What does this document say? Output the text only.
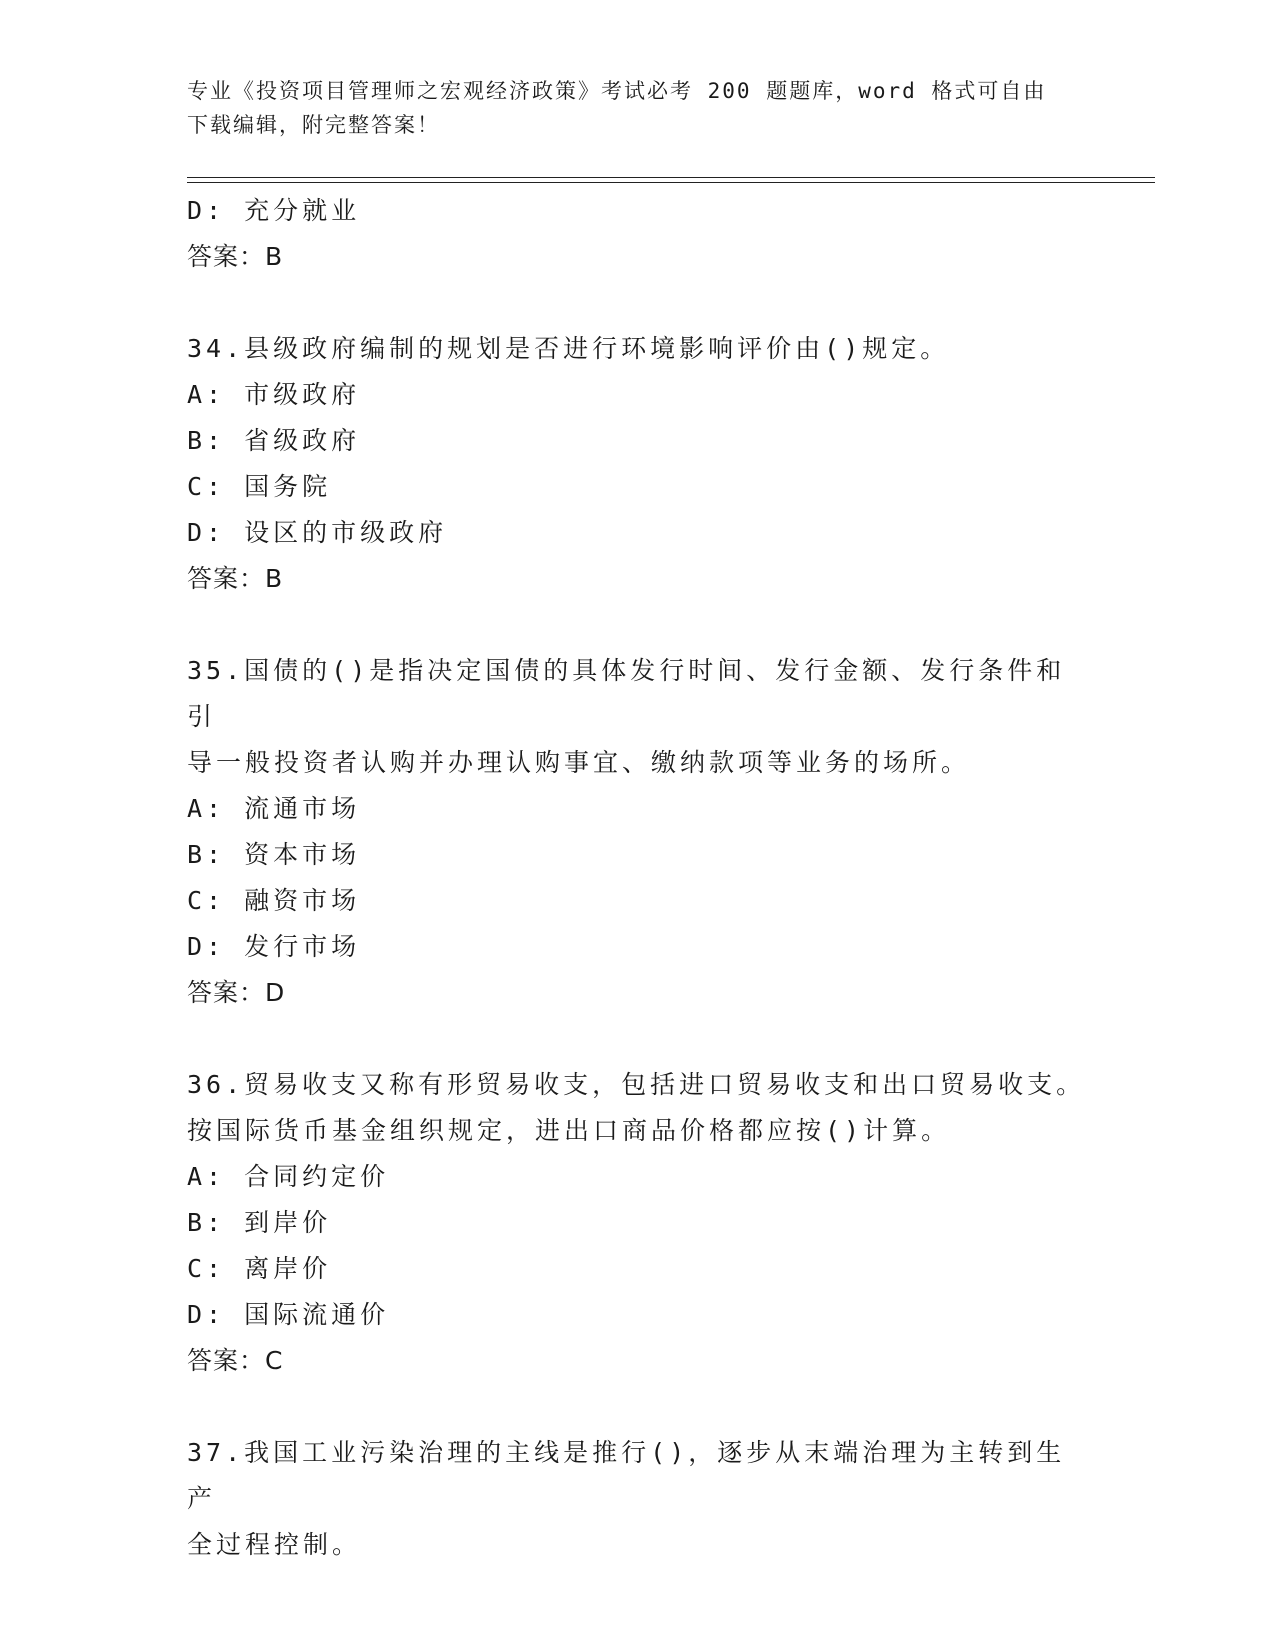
专业《投资项目管理师之宏观经济政策》考试必考 200 题题库，word 格式可自由
下载编辑，附完整答案！
D: 充分就业
答案：B
34.县级政府编制的规划是否进行环境影响评价由()规定。
A: 市级政府
B: 省级政府
C: 国务院
D: 设区的市级政府
答案：B
35.国债的()是指决定国债的具体发行时间、发行金额、发行条件和引
导一般投资者认购并办理认购事宜、缴纳款项等业务的场所。
A: 流通市场
B: 资本市场
C: 融资市场
D: 发行市场
答案：D
36.贸易收支又称有形贸易收支，包括进口贸易收支和出口贸易收支。
按国际货币基金组织规定，进出口商品价格都应按()计算。
A: 合同约定价
B: 到岸价
C: 离岸价
D: 国际流通价
答案：C
37.我国工业污染治理的主线是推行()，逐步从末端治理为主转到生产
全过程控制。
